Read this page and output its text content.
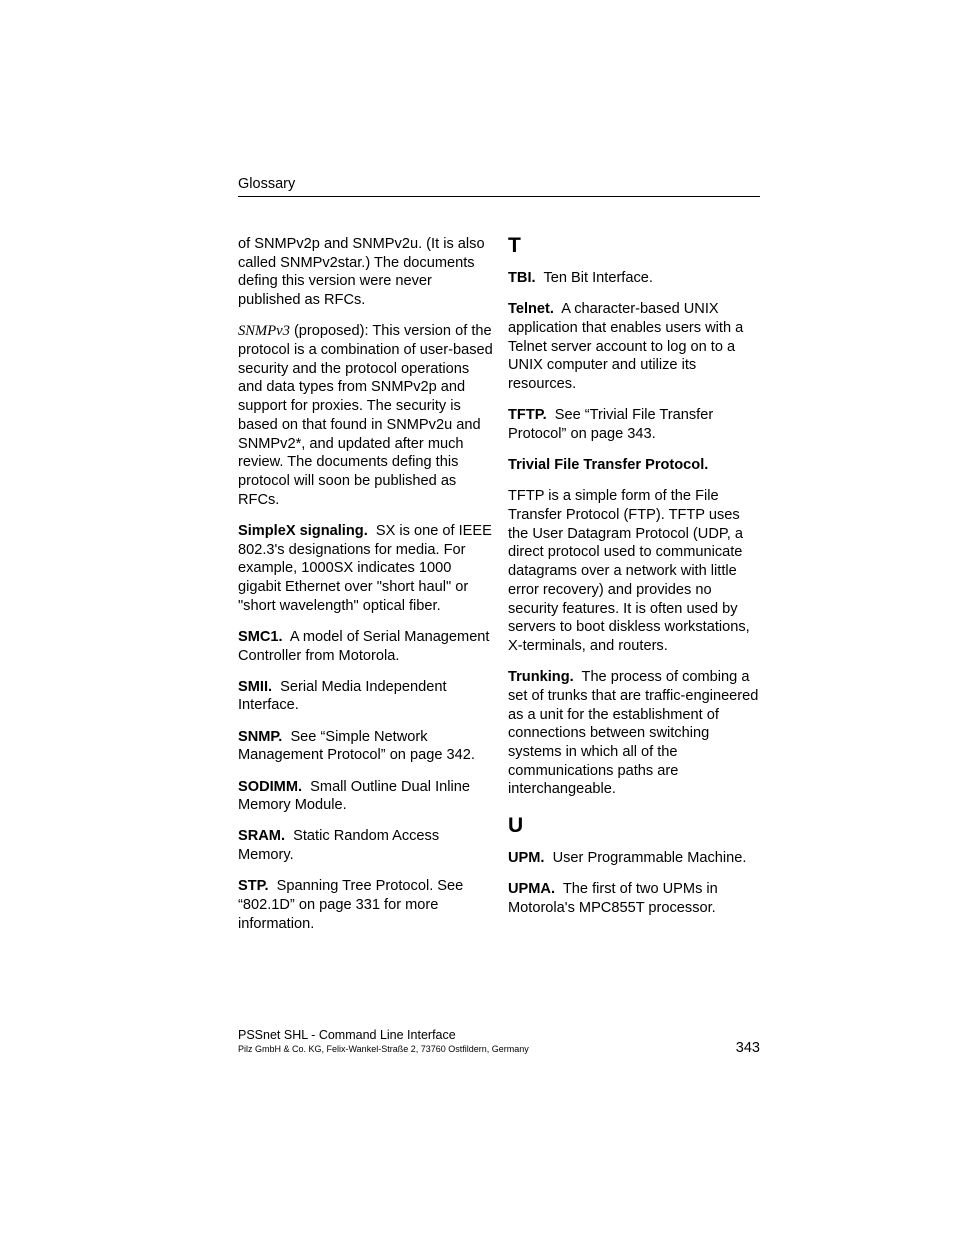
Glossary

of SNMPv2p and SNMPv2u. (It is also called SNMPv2star.) The documents defing this version were never published as RFCs.

SNMPv3 (proposed): This version of the protocol is a combination of user-based security and the protocol operations and data types from SNMPv2p and support for proxies. The security is based on that found in SNMPv2u and SNMPv2*, and updated after much review. The documents defing this protocol will soon be published as RFCs.

SimpleX signaling. SX is one of IEEE 802.3's designations for media. For example, 1000SX indicates 1000 gigabit Ethernet over "short haul" or "short wavelength" optical fiber.

SMC1. A model of Serial Management Controller from Motorola.

SMII. Serial Media Independent Interface.

SNMP. See “Simple Network Management Protocol” on page 342.

SODIMM. Small Outline Dual Inline Memory Module.

SRAM. Static Random Access Memory.

STP. Spanning Tree Protocol. See “802.1D” on page 331 for more information.

T

TBI. Ten Bit Interface.

Telnet. A character-based UNIX application that enables users with a Telnet server account to log on to a UNIX computer and utilize its resources.

TFTP. See “Trivial File Transfer Protocol” on page 343.

Trivial File Transfer Protocol.

TFTP is a simple form of the File Transfer Protocol (FTP). TFTP uses the User Datagram Protocol (UDP, a direct protocol used to communicate datagrams over a network with little error recovery) and provides no security features. It is often used by servers to boot diskless workstations, X-terminals, and routers.

Trunking. The process of combing a set of trunks that are traffic-engineered as a unit for the establishment of connections between switching systems in which all of the communications paths are interchangeable.

U

UPM. User Programmable Machine.

UPMA. The first of two UPMs in Motorola's MPC855T processor.

PSSnet SHL - Command Line Interface
Pilz GmbH & Co. KG, Felix-Wankel-Straße 2, 73760 Ostfildern, Germany	343
